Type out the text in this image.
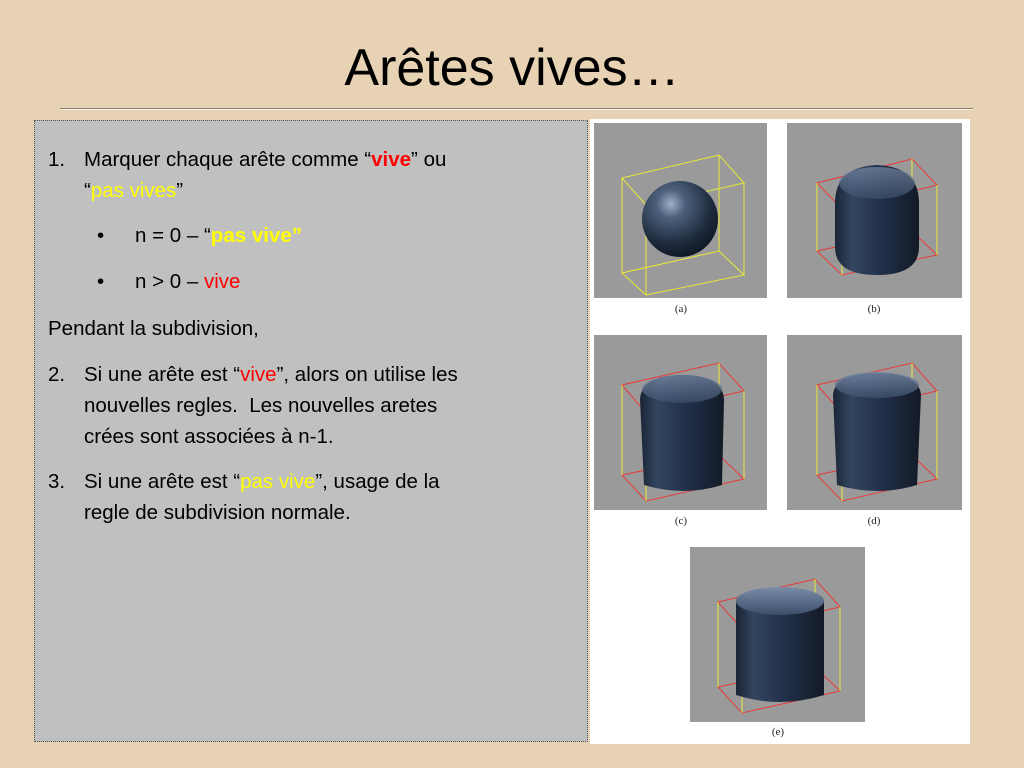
Arêtes vives…
1. Marquer chaque arête comme “vive” ou
“pas vives”
• n = 0 – “pas vive”
• n > 0 – vive
Pendant la subdivision,
2. Si une arête est “vive”, alors on utilise les
nouvelles regles.  Les nouvelles aretes
crées sont associées à n-1.
3. Si une arête est “pas vive”, usage de la
regle de subdivision normale.
(a)	(b)
(c)	(d)
(e)
